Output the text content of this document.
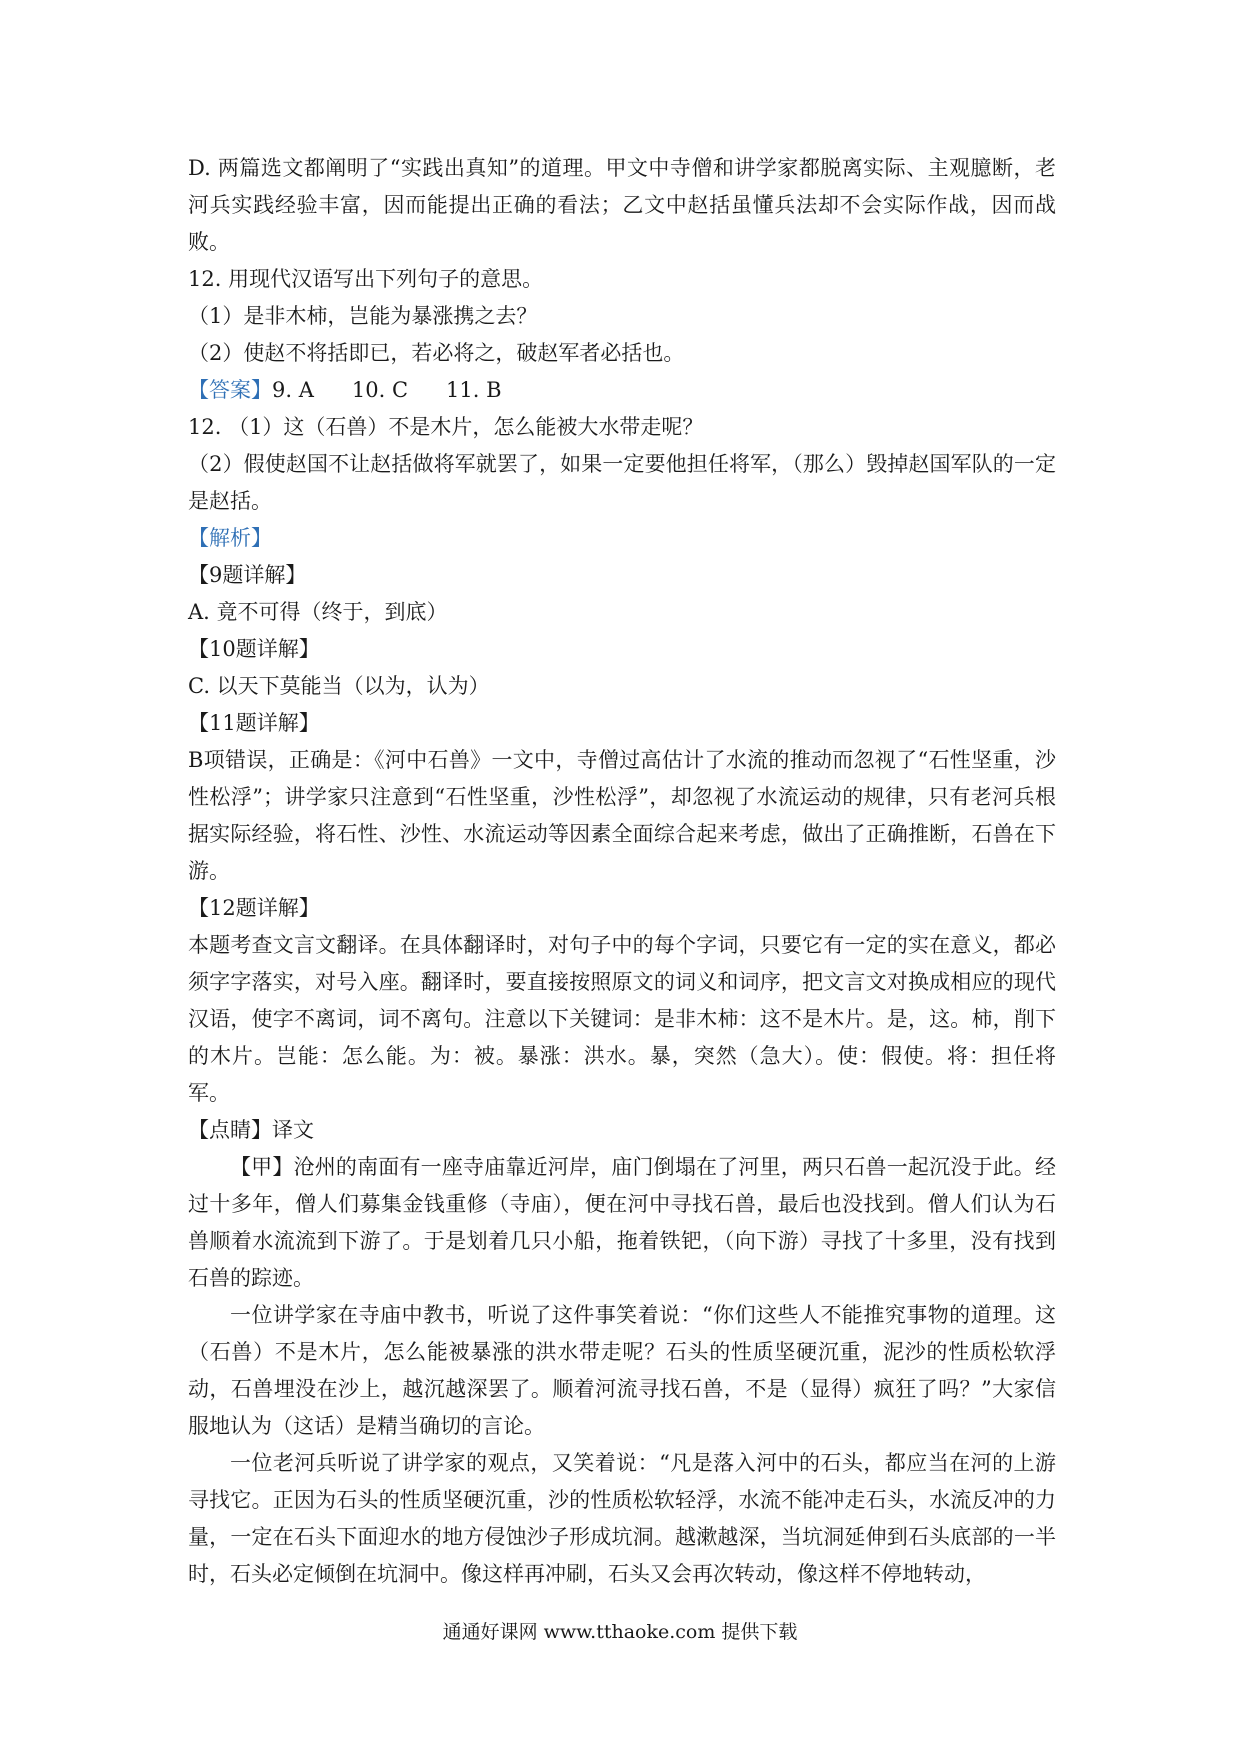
D. 两篇选文都阐明了“实践出真知”的道理。甲文中寺僧和讲学家都脱离实际、主观臆断，老河兵实践经验丰富，因而能提出正确的看法；乙文中赵括虽懂兵法却不会实际作战，因而战败。

12. 用现代汉语写出下列句子的意思。

（1）是非木柿，岂能为暴涨携之去？

（2）使赵不将括即已，若必将之，破赵军者必括也。

【答案】9. A 10. C 11. B

12. （1）这（石兽）不是木片，怎么能被大水带走呢？

（2）假使赵国不让赵括做将军就罢了，如果一定要他担任将军，（那么）毁掉赵国军队的一定是赵括。

【解析】

【9题详解】

A. 竟不可得（终于，到底）

【10题详解】

C. 以天下莫能当（以为，认为）

【11题详解】

B项错误，正确是：《河中石兽》一文中，寺僧过高估计了水流的推动而忽视了“石性坚重，沙性松浮”；讲学家只注意到“石性坚重，沙性松浮”，却忽视了水流运动的规律，只有老河兵根据实际经验，将石性、沙性、水流运动等因素全面综合起来考虑，做出了正确推断，石兽在下游。

【12题详解】

本题考查文言文翻译。在具体翻译时，对句子中的每个字词，只要它有一定的实在意义，都必须字字落实，对号入座。翻译时，要直接按照原文的词义和词序，把文言文对换成相应的现代汉语，使字不离词，词不离句。注意以下关键词：是非木柿：这不是木片。是，这。柿，削下的木片。岂能：怎么能。为：被。暴涨：洪水。暴，突然（急大）。使：假使。将：担任将军。

【点睛】译文

【甲】沧州的南面有一座寺庙靠近河岸，庙门倒塌在了河里，两只石兽一起沉没于此。经过十多年，僧人们募集金钱重修（寺庙），便在河中寻找石兽，最后也没找到。僧人们认为石兽顺着水流流到下游了。于是划着几只小船，拖着铁钯，（向下游）寻找了十多里，没有找到石兽的踪迹。

一位讲学家在寺庙中教书，听说了这件事笑着说：“你们这些人不能推究事物的道理。这（石兽）不是木片，怎么能被暴涨的洪水带走呢？石头的性质坚硬沉重，泥沙的性质松软浮动，石兽埋没在沙上，越沉越深罢了。顺着河流寻找石兽，不是（显得）疯狂了吗？”大家信服地认为（这话）是精当确切的言论。

一位老河兵听说了讲学家的观点，又笑着说：“凡是落入河中的石头，都应当在河的上游寻找它。正因为石头的性质坚硬沉重，沙的性质松软轻浮，水流不能冲走石头，水流反冲的力量，一定在石头下面迎水的地方侵蚀沙子形成坑洞。越漱越深，当坑洞延伸到石头底部的一半时，石头必定倾倒在坑洞中。像这样再冲刷，石头又会再次转动，像这样不停地转动，

通通好课网 www.tthaoke.com 提供下载
